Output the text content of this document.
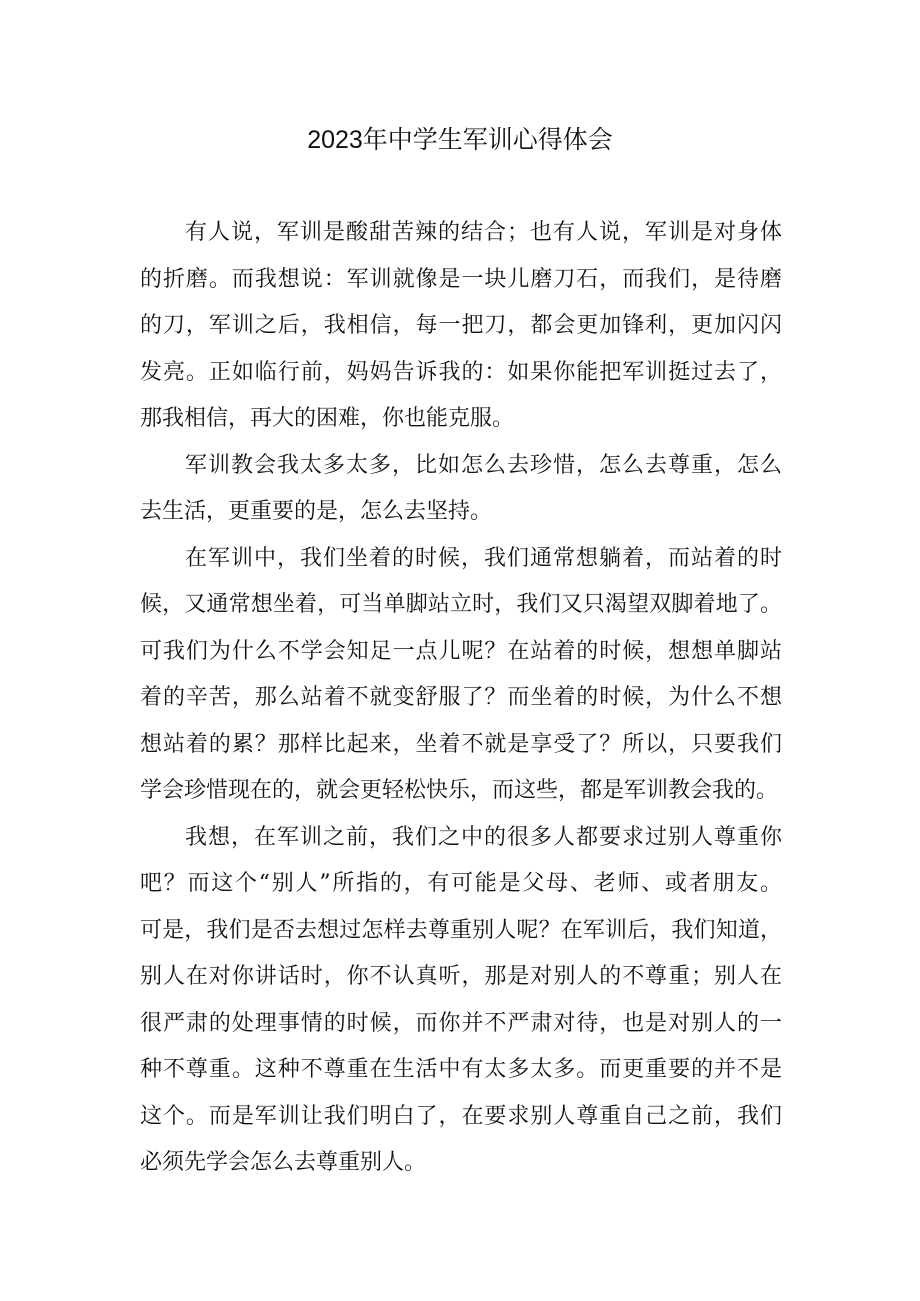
2023年中学生军训心得体会
有人说，军训是酸甜苦辣的结合；也有人说，军训是对身体
的折磨。而我想说：军训就像是一块儿磨刀石，而我们，是待磨
的刀，军训之后，我相信，每一把刀，都会更加锋利，更加闪闪
发亮。正如临行前，妈妈告诉我的：如果你能把军训挺过去了，
那我相信，再大的困难，你也能克服。
军训教会我太多太多，比如怎么去珍惜，怎么去尊重，怎么
去生活，更重要的是，怎么去坚持。
在军训中，我们坐着的时候，我们通常想躺着，而站着的时
候，又通常想坐着，可当单脚站立时，我们又只渴望双脚着地了。
可我们为什么不学会知足一点儿呢？在站着的时候，想想单脚站
着的辛苦，那么站着不就变舒服了？而坐着的时候，为什么不想
想站着的累？那样比起来，坐着不就是享受了？所以，只要我们
学会珍惜现在的，就会更轻松快乐，而这些，都是军训教会我的。
我想，在军训之前，我们之中的很多人都要求过别人尊重你
吧？而这个“别人”所指的，有可能是父母、老师、或者朋友。
可是，我们是否去想过怎样去尊重别人呢？在军训后，我们知道，
别人在对你讲话时，你不认真听，那是对别人的不尊重；别人在
很严肃的处理事情的时候，而你并不严肃对待，也是对别人的一
种不尊重。这种不尊重在生活中有太多太多。而更重要的并不是
这个。而是军训让我们明白了，在要求别人尊重自己之前，我们
必须先学会怎么去尊重别人。
